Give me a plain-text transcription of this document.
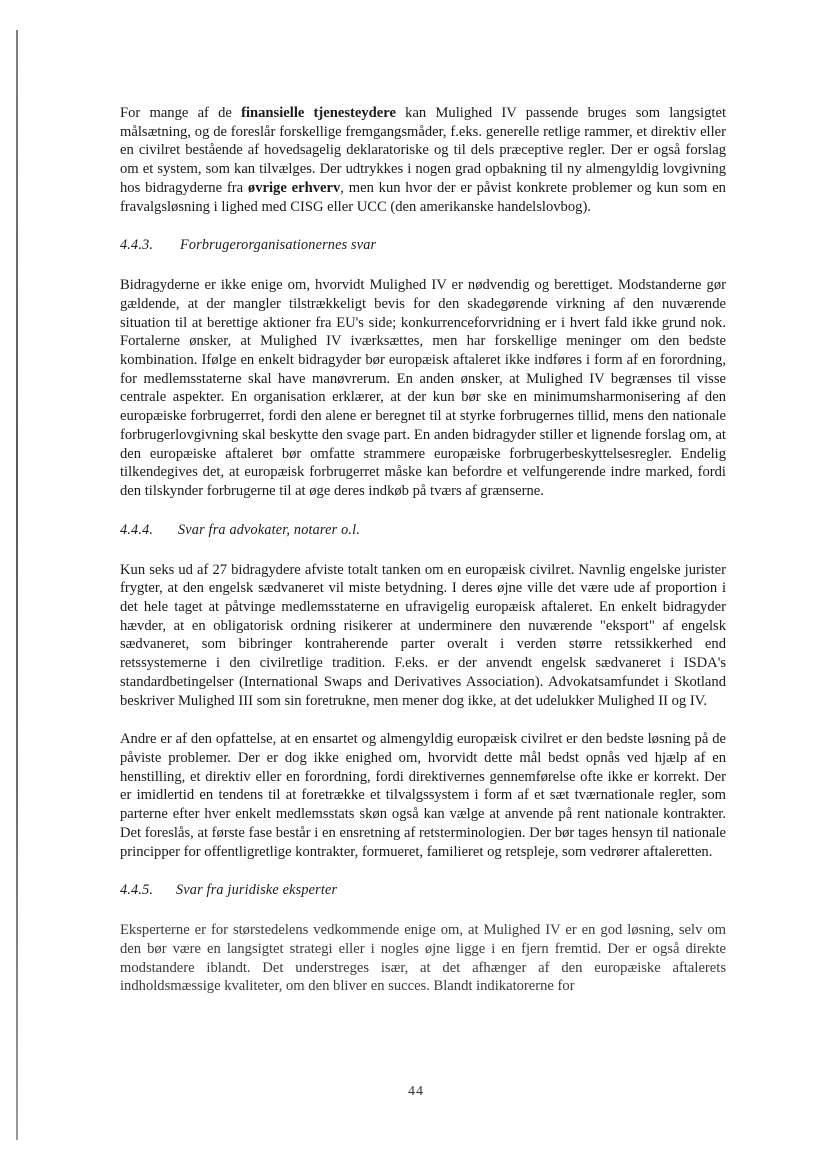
For mange af de finansielle tjenesteydere kan Mulighed IV passende bruges som langsigtet målsætning, og de foreslår forskellige fremgangsmåder, f.eks. generelle retlige rammer, et direktiv eller en civilret bestående af hovedsagelig deklaratoriske og til dels præceptive regler. Der er også forslag om et system, som kan tilvælges. Der udtrykkes i nogen grad opbakning til ny almengyldig lovgivning hos bidragyderne fra øvrige erhverv, men kun hvor der er påvist konkrete problemer og kun som en fravalgsløsning i lighed med CISG eller UCC (den amerikanske handelslovbog).

4.4.3. Forbrugerorganisationernes svar

Bidragyderne er ikke enige om, hvorvidt Mulighed IV er nødvendig og berettiget. Modstanderne gør gældende, at der mangler tilstrækkeligt bevis for den skadegørende virkning af den nuværende situation til at berettige aktioner fra EU's side; konkurrenceforvridning er i hvert fald ikke grund nok. Fortalerne ønsker, at Mulighed IV iværksættes, men har forskellige meninger om den bedste kombination. Ifølge en enkelt bidragyder bør europæisk aftaleret ikke indføres i form af en forordning, for medlemsstaterne skal have manøvrerum. En anden ønsker, at Mulighed IV begrænses til visse centrale aspekter. En organisation erklærer, at der kun bør ske en minimumsharmonisering af den europæiske forbrugerret, fordi den alene er beregnet til at styrke forbrugernes tillid, mens den nationale forbrugerlovgivning skal beskytte den svage part. En anden bidragyder stiller et lignende forslag om, at den europæiske aftaleret bør omfatte strammere europæiske forbrugerbeskyttelsesregler. Endelig tilkendegives det, at europæisk forbrugerret måske kan befordre et velfungerende indre marked, fordi den tilskynder forbrugerne til at øge deres indkøb på tværs af grænserne.

4.4.4. Svar fra advokater, notarer o.l.

Kun seks ud af 27 bidragydere afviste totalt tanken om en europæisk civilret. Navnlig engelske jurister frygter, at den engelsk sædvaneret vil miste betydning. I deres øjne ville det være ude af proportion i det hele taget at påtvinge medlemsstaterne en ufravigelig europæisk aftaleret. En enkelt bidragyder hævder, at en obligatorisk ordning risikerer at underminere den nuværende "eksport" af engelsk sædvaneret, som bibringer kontraherende parter overalt i verden større retssikkerhed end retssystemerne i den civilretlige tradition. F.eks. er der anvendt engelsk sædvaneret i ISDA's standardbetingelser (International Swaps and Derivatives Association). Advokatsamfundet i Skotland beskriver Mulighed III som sin foretrukne, men mener dog ikke, at det udelukker Mulighed II og IV.

Andre er af den opfattelse, at en ensartet og almengyldig europæisk civilret er den bedste løsning på de påviste problemer. Der er dog ikke enighed om, hvorvidt dette mål bedst opnås ved hjælp af en henstilling, et direktiv eller en forordning, fordi direktivernes gennemførelse ofte ikke er korrekt. Der er imidlertid en tendens til at foretrække et tilvalgssystem i form af et sæt tværnationale regler, som parterne efter hver enkelt medlemsstats skøn også kan vælge at anvende på rent nationale kontrakter. Det foreslås, at første fase består i en ensretning af retsterminologien. Der bør tages hensyn til nationale principper for offentligretlige kontrakter, formueret, familieret og retspleje, som vedrører aftaleretten.

4.4.5. Svar fra juridiske eksperter

Eksperterne er for størstedelens vedkommende enige om, at Mulighed IV er en god løsning, selv om den bør være en langsigtet strategi eller i nogles øjne ligge i en fjern fremtid. Der er også direkte modstandere iblandt. Det understreges især, at det afhænger af den europæiske aftalerets indholdsmæssige kvaliteter, om den bliver en succes. Blandt indikatorerne for

44
